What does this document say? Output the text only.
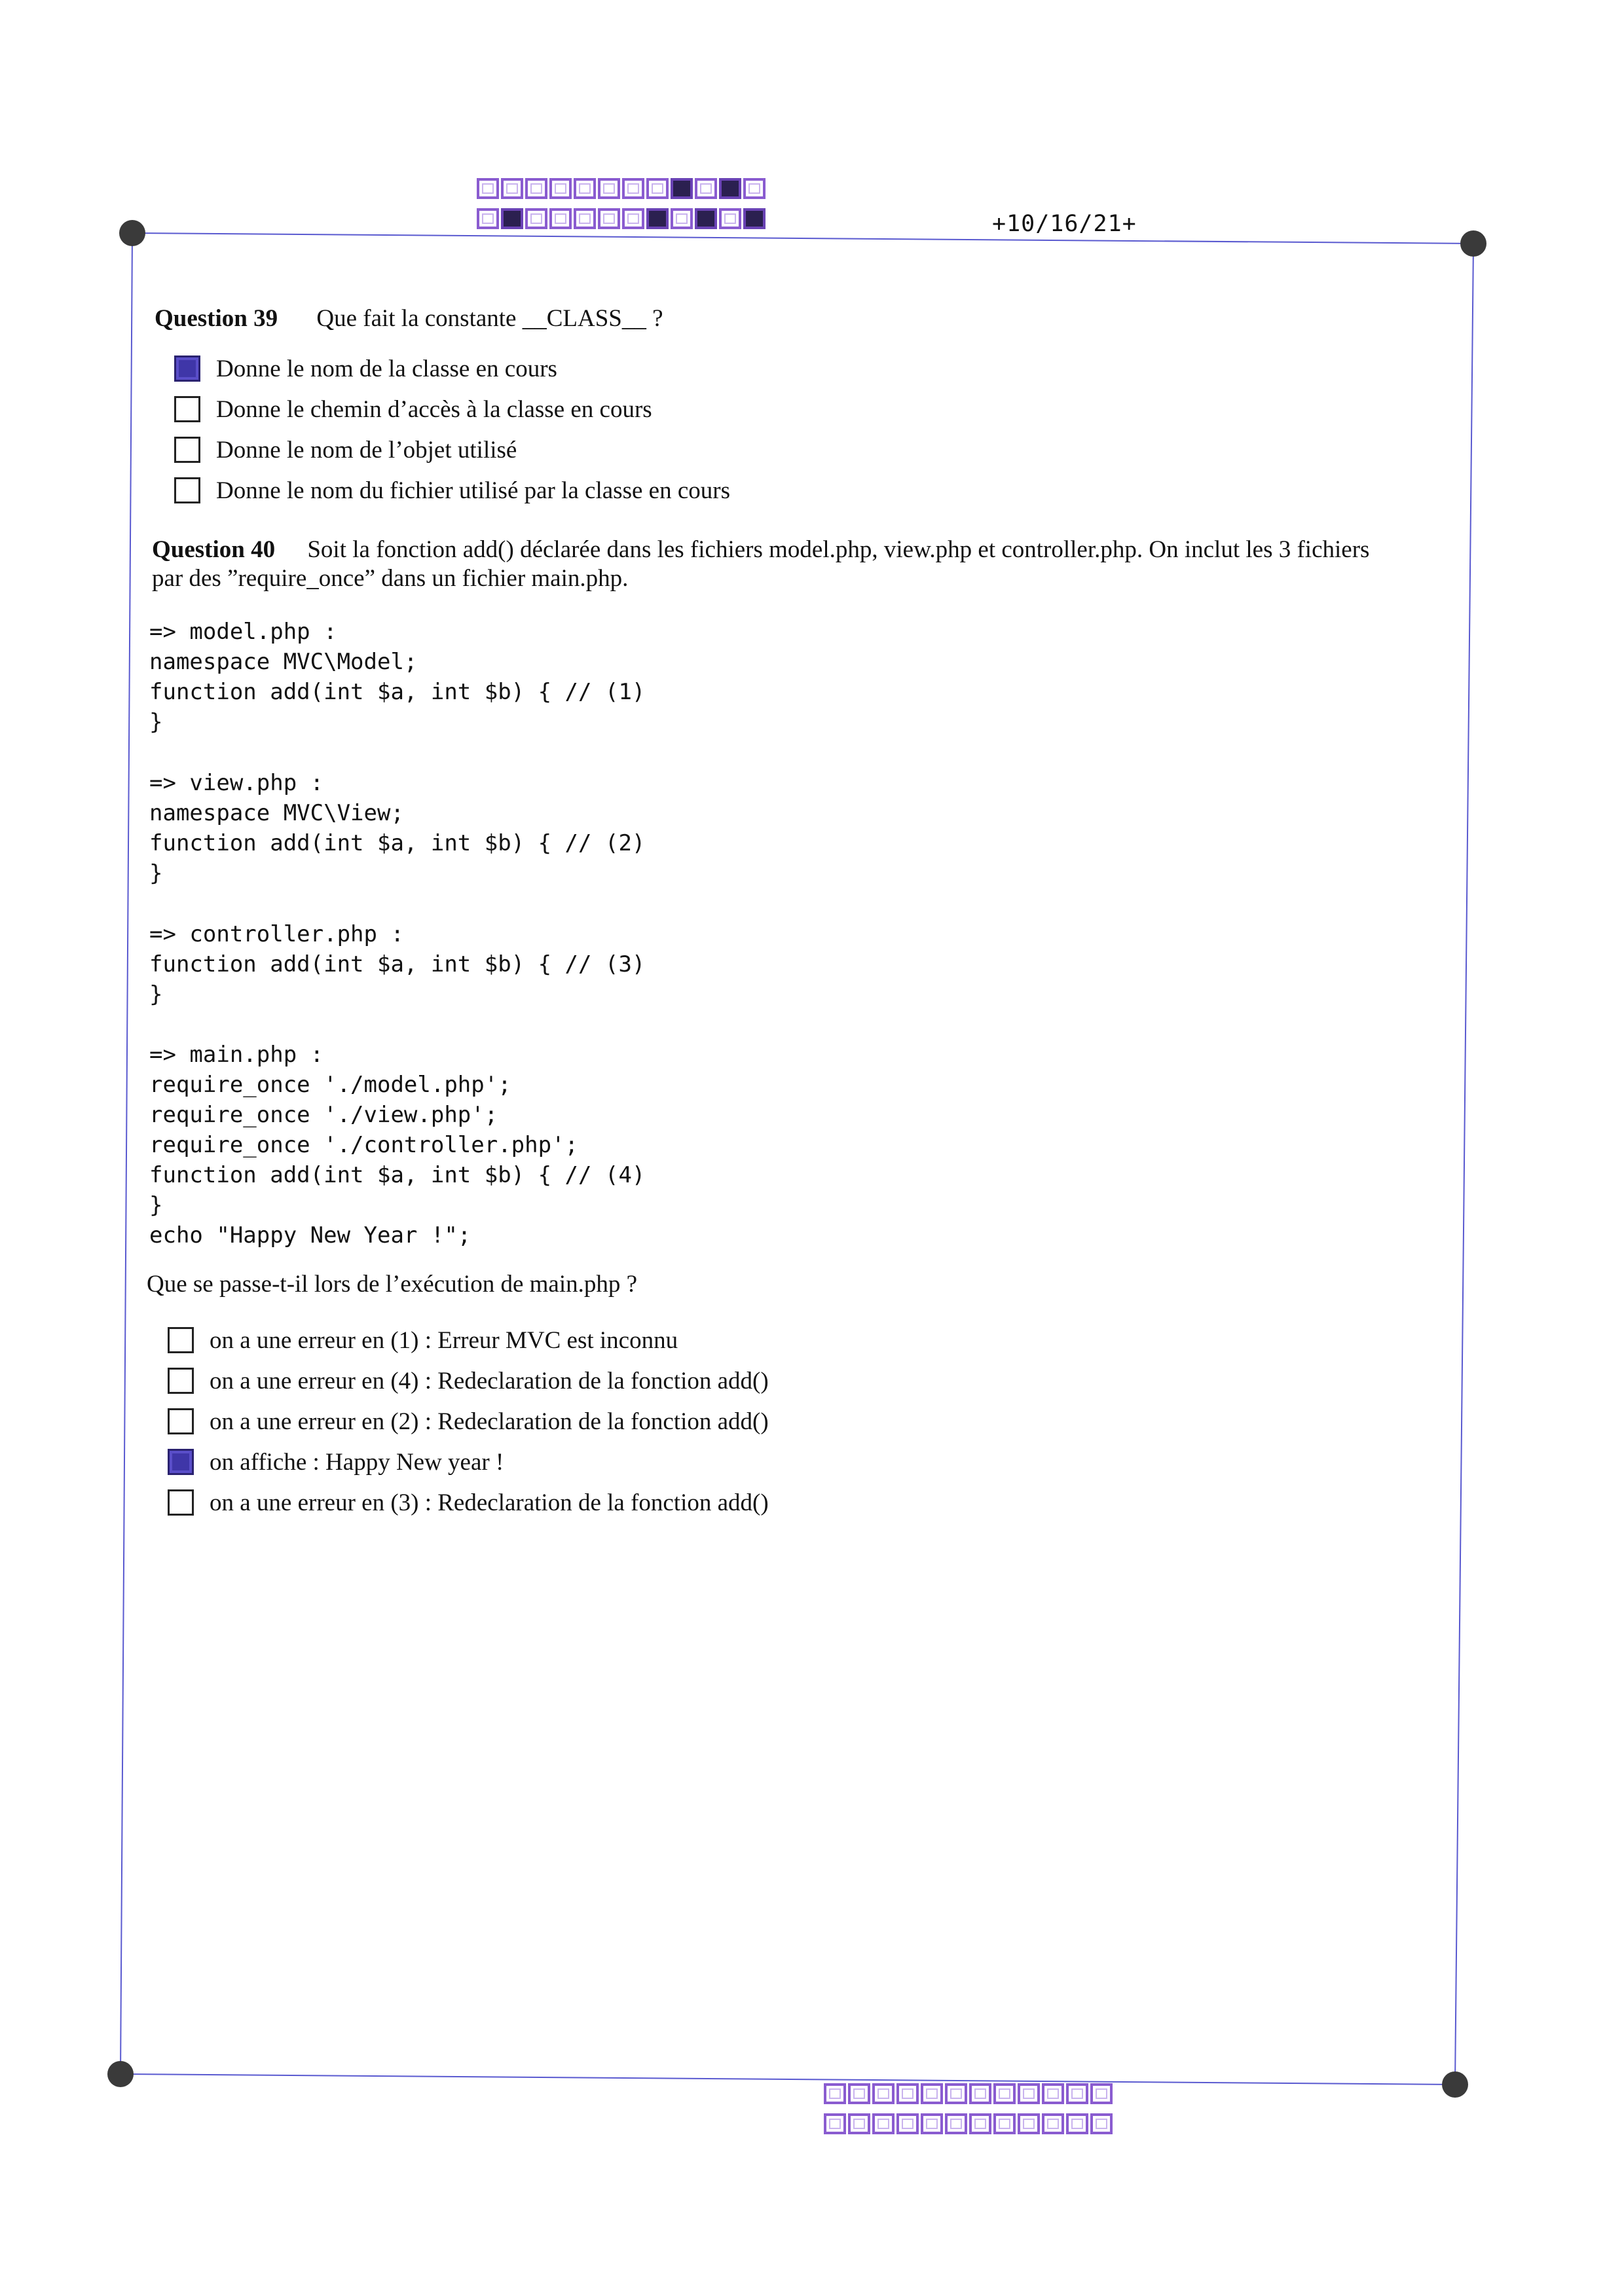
+10/16/21+
Question 39 Que fait la constante __CLASS__ ?
Donne le nom de la classe en cours
Donne le chemin d’accès à la classe en cours
Donne le nom de l’objet utilisé
Donne le nom du fichier utilisé par la classe en cours
Question 40 Soit la fonction add() déclarée dans les fichiers model.php, view.php et controller.php. On inclut les 3 fichiers
par des ”require_once” dans un fichier main.php.
=> model.php :
namespace MVC\Model;
function add(int $a, int $b) { // (1)
}
=> view.php :
namespace MVC\View;
function add(int $a, int $b) { // (2)
}
=> controller.php :
function add(int $a, int $b) { // (3)
}
=> main.php :
require_once './model.php';
require_once './view.php';
require_once './controller.php';
function add(int $a, int $b) { // (4)
}
echo "Happy New Year !";
Que se passe-t-il lors de l’exécution de main.php ?
on a une erreur en (1) : Erreur MVC est inconnu
on a une erreur en (4) : Redeclaration de la fonction add()
on a une erreur en (2) : Redeclaration de la fonction add()
on affiche : Happy New year !
on a une erreur en (3) : Redeclaration de la fonction add()
